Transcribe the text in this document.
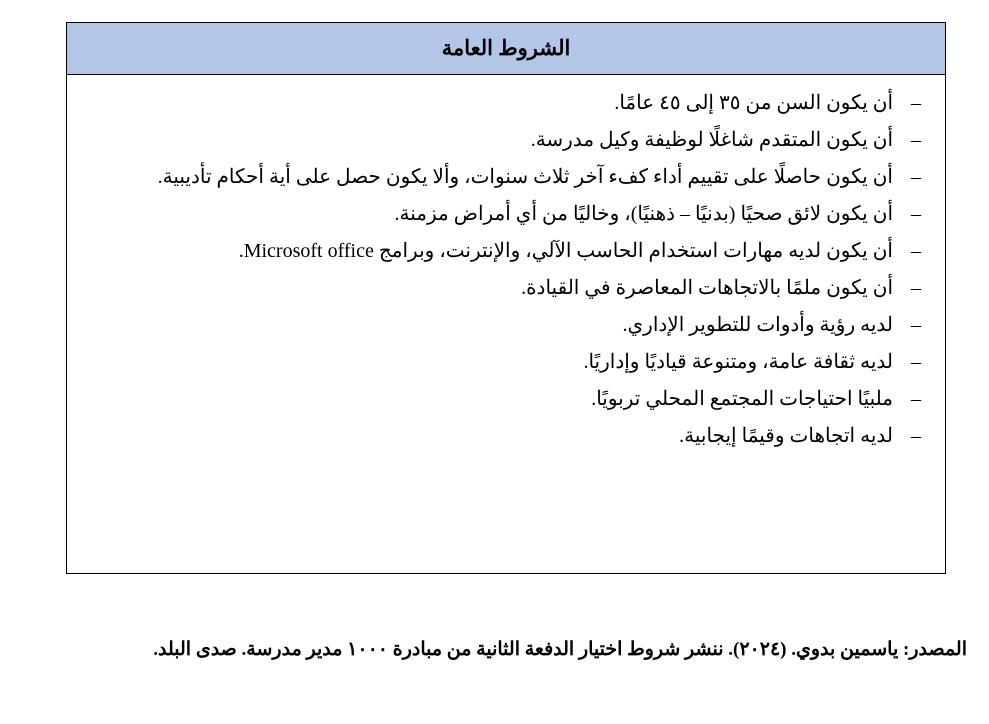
الشروط العامة
–
أن يكون السن من ٣٥ إلى ٤٥ عامًا.
–
أن يكون المتقدم شاغلًا لوظيفة وكيل مدرسة.
–
أن يكون حاصلًا على تقييم أداء كفء آخر ثلاث سنوات، وألا يكون حصل على أية أحكام تأديبية.
–
أن يكون لائق صحيًا (بدنيًا – ذهنيًا)، وخاليًا من أي أمراض مزمنة.
–
أن يكون لديه مهارات استخدام الحاسب الآلي، والإنترنت، وبرامج Microsoft office.
–
أن يكون ملمًا بالاتجاهات المعاصرة في القيادة.
–
لديه رؤية وأدوات للتطوير الإداري.
–
لديه ثقافة عامة، ومتنوعة قياديًا وإداريًا.
–
ملبيًا احتياجات المجتمع المحلي تربويًا.
–
لديه اتجاهات وقيمًا إيجابية.
المصدر: ياسمين بدوي. (٢٠٢٤). ننشر شروط اختيار الدفعة الثانية من مبادرة ١٠٠٠ مدير مدرسة. صدى البلد.
